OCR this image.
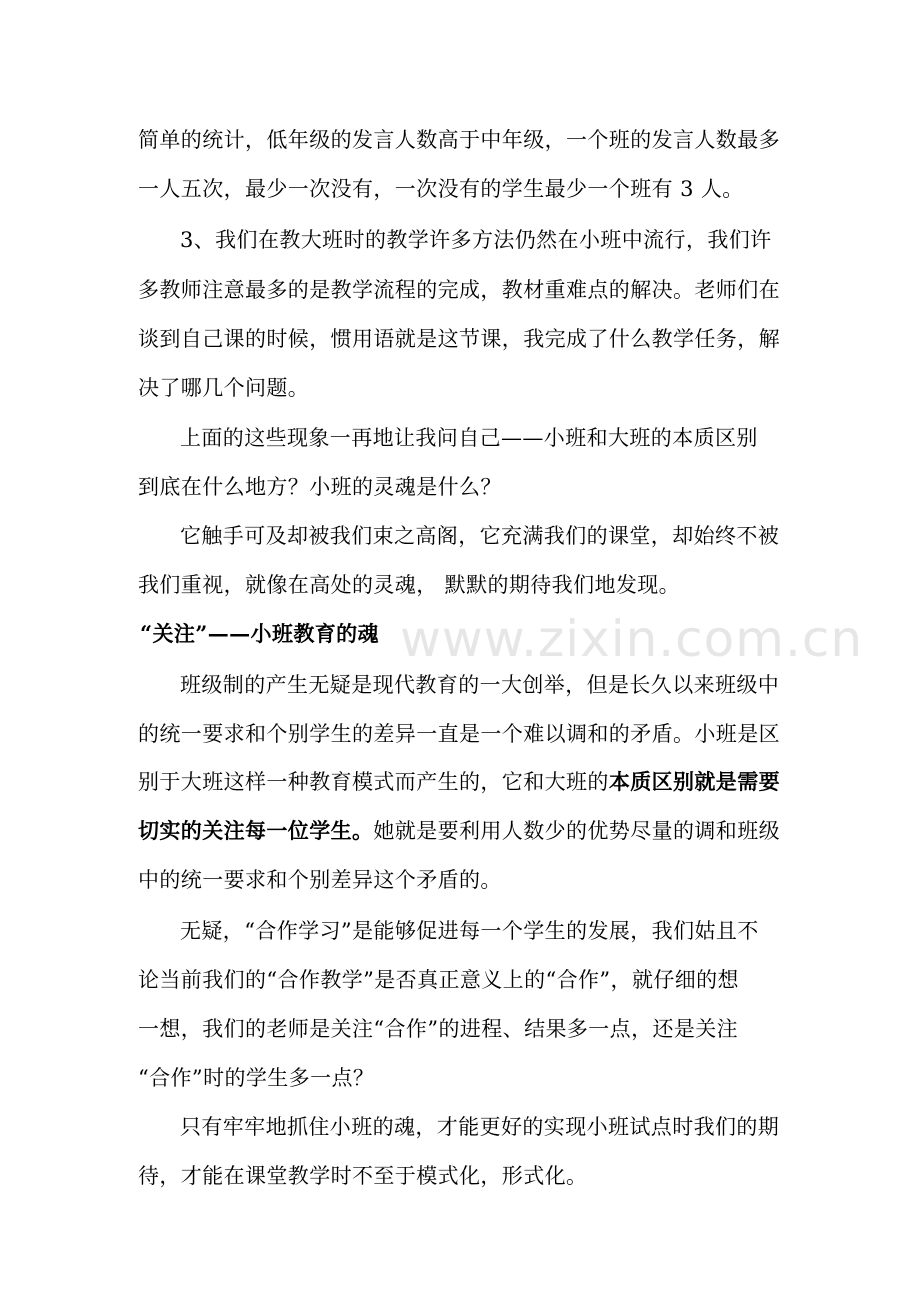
简单的统计，低年级的发言人数高于中年级，一个班的发言人数最多
一人五次，最少一次没有，一次没有的学生最少一个班有 3 人。
3、我们在教大班时的教学许多方法仍然在小班中流行，我们许
多教师注意最多的是教学流程的完成，教材重难点的解决。老师们在
谈到自己课的时候，惯用语就是这节课，我完成了什么教学任务，解
决了哪几个问题。
上面的这些现象一再地让我问自己——小班和大班的本质区别
到底在什么地方？小班的灵魂是什么？
它触手可及却被我们束之高阁，它充满我们的课堂，却始终不被
我们重视，就像在高处的灵魂， 默默的期待我们地发现。
“关注”——小班教育的魂
班级制的产生无疑是现代教育的一大创举，但是长久以来班级中
的统一要求和个别学生的差异一直是一个难以调和的矛盾。小班是区
别于大班这样一种教育模式而产生的，它和大班的本质区别就是需要
切实的关注每一位学生。她就是要利用人数少的优势尽量的调和班级
中的统一要求和个别差异这个矛盾的。
无疑，“合作学习”是能够促进每一个学生的发展，我们姑且不
论当前我们的“合作教学”是否真正意义上的“合作”，就仔细的想
一想，我们的老师是关注“合作”的进程、结果多一点，还是关注
“合作”时的学生多一点？
只有牢牢地抓住小班的魂，才能更好的实现小班试点时我们的期
待，才能在课堂教学时不至于模式化，形式化。
www.zixin.com.cn
